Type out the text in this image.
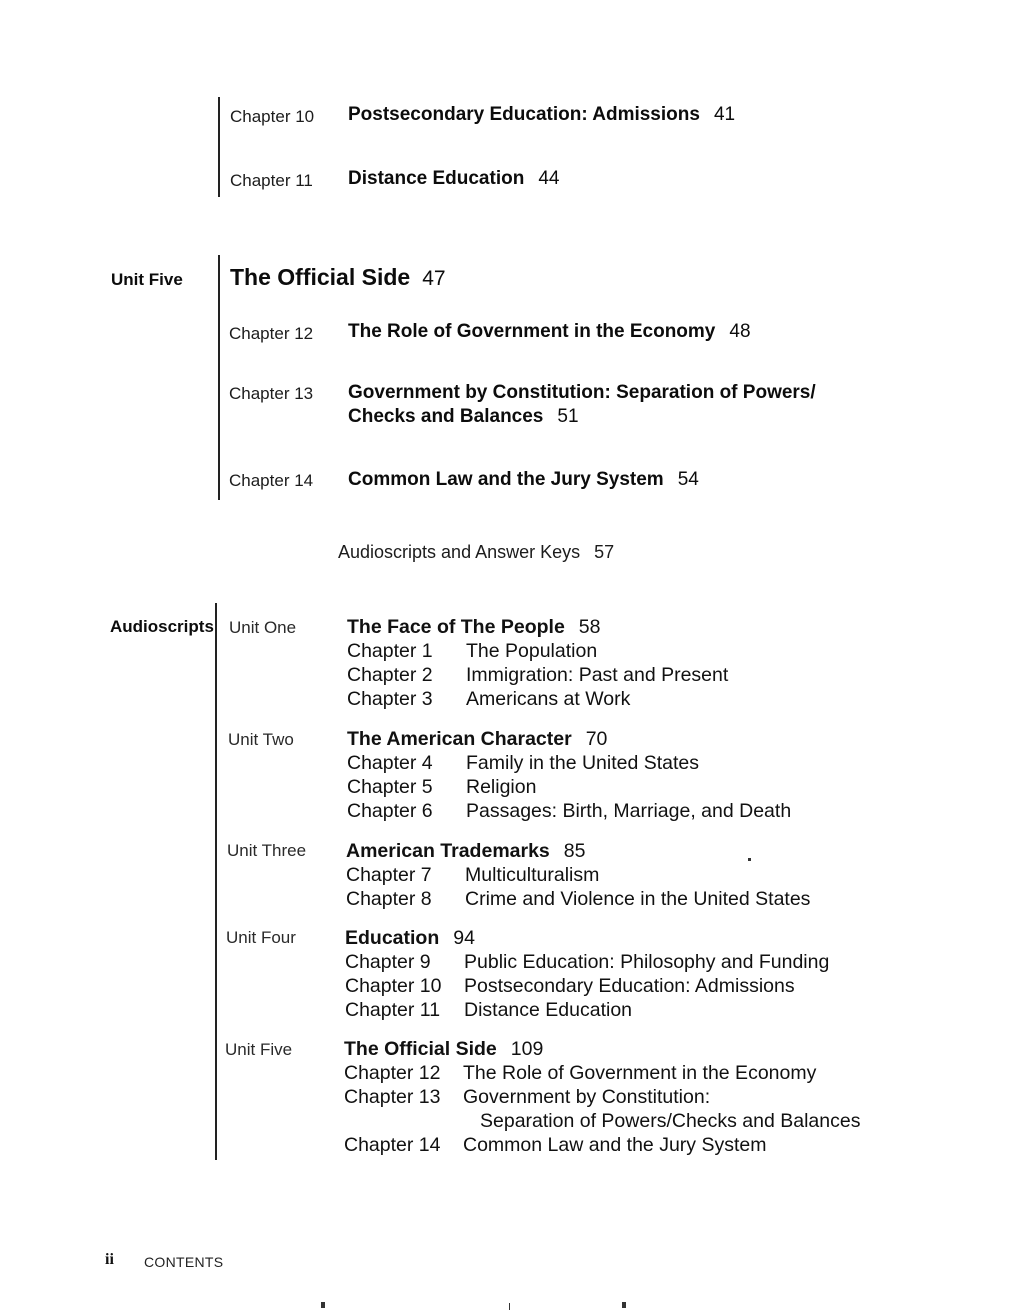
Chapter 10 Postsecondary Education: Admissions 41
Chapter 11 Distance Education 44
Unit Five The Official Side 47
Chapter 12 The Role of Government in the Economy 48
Chapter 13 Government by Constitution: Separation of Powers/
Checks and Balances 51
Chapter 14 Common Law and the Jury System 54
Audioscripts and Answer Keys 57
Audioscripts Unit One	The Face of The People 58
Chapter 1	The Population
Chapter 2	Immigration: Past and Present
Chapter 3	Americans at Work
Unit Two	The American Character 70
Chapter 4	Family in the United States
Chapter 5	Religion
Chapter 6	Passages: Birth, Marriage, and Death
Unit Three American Trademarks 85
Chapter 7	Multiculturalism
Chapter 8	Crime and Violence in the United States
Unit Four	Education 94
Chapter 9	Public Education: Philosophy and Funding
Chapter 10	Postsecondary Education: Admissions
Chapter 11	Distance Education
Unit Five	The Official Side 109
Chapter 12	The Role of Government in the Economy
Chapter 13	Government by Constitution:
Separation of Powers/Checks and Balances
Chapter 14	Common Law and the Jury System
ii CONTENTS
